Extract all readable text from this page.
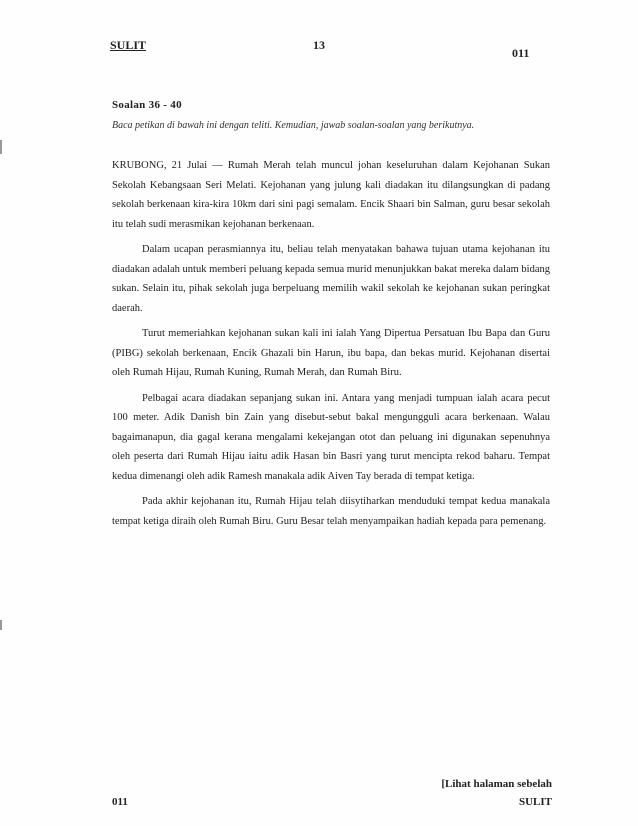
SULIT	13
011
Soalan 36 - 40
Baca petikan di bawah ini dengan teliti. Kemudian, jawab soalan-soalan yang berikutnya.

KRUBONG, 21 Julai — Rumah Merah telah muncul johan keseluruhan dalam Kejohanan Sukan Sekolah Kebangsaan Seri Melati. Kejohanan yang julung kali diadakan itu dilangsungkan di padang sekolah berkenaan kira-kira 10km dari sini pagi semalam. Encik Shaari bin Salman, guru besar sekolah itu telah sudi merasmikan kejohanan berkenaan.

Dalam ucapan perasmiannya itu, beliau telah menyatakan bahawa tujuan utama kejohanan itu diadakan adalah untuk memberi peluang kepada semua murid menunjukkan bakat mereka dalam bidang sukan. Selain itu, pihak sekolah juga berpeluang memilih wakil sekolah ke kejohanan sukan peringkat daerah.

Turut memeriahkan kejohanan sukan kali ini ialah Yang Dipertua Persatuan Ibu Bapa dan Guru (PIBG) sekolah berkenaan, Encik Ghazali bin Harun, ibu bapa, dan bekas murid. Kejohanan disertai oleh Rumah Hijau, Rumah Kuning, Rumah Merah, dan Rumah Biru.

Pelbagai acara diadakan sepanjang sukan ini. Antara yang menjadi tumpuan ialah acara pecut 100 meter. Adik Danish bin Zain yang disebut-sebut bakal mengungguli acara berkenaan. Walau bagaimanapun, dia gagal kerana mengalami kekejangan otot dan peluang ini digunakan sepenuhnya oleh peserta dari Rumah Hijau iaitu adik Hasan bin Basri yang turut mencipta rekod baharu. Tempat kedua dimenangi oleh adik Ramesh manakala adik Aiven Tay berada di tempat ketiga.

Pada akhir kejohanan itu, Rumah Hijau telah diisytiharkan menduduki tempat kedua manakala tempat ketiga diraih oleh Rumah Biru. Guru Besar telah menyampaikan hadiah kepada para pemenang.

011
[Lihat halaman sebelah
SULIT
